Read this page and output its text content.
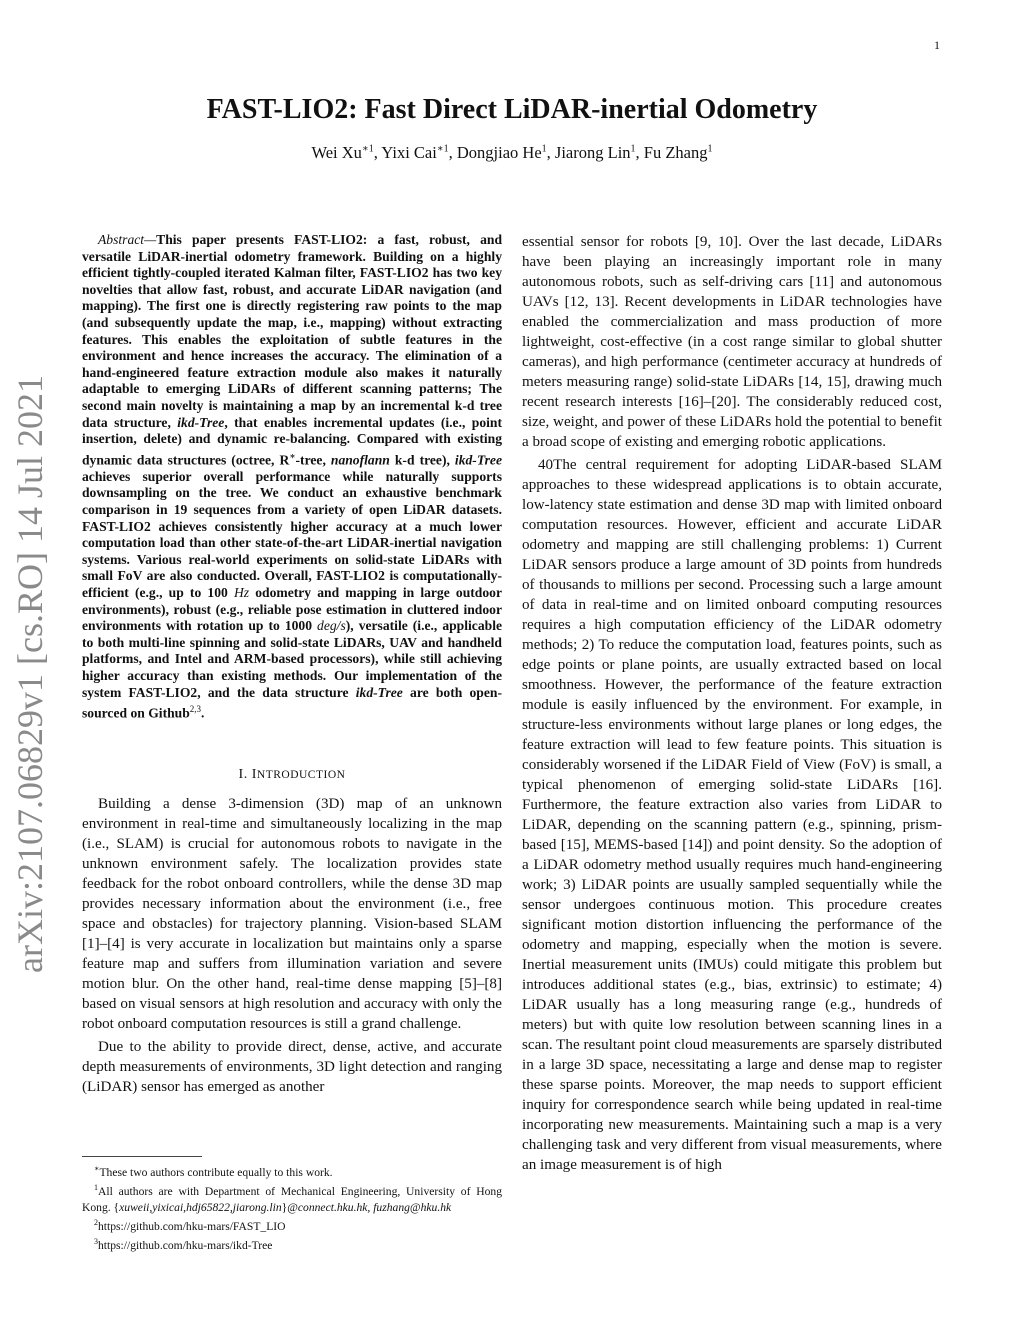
1
arXiv:2107.06829v1 [cs.RO] 14 Jul 2021
FAST-LIO2: Fast Direct LiDAR-inertial Odometry
Wei $Xu^{∗1}$, Yixi Cai$^{∗1}$, Dongjiao He$^1$, Jiarong Lin$^1$, Fu Zhang$^1$

Abstract—This paper presents FAST-LIO2: a fast, robust, and versatile LiDAR-inertial odometry framework. Building on a highly efficient tightly-coupled iterated Kalman filter, FAST-LIO2 has two key novelties that allow fast, robust, and accurate LiDAR navigation (and mapping). The first one is directly registering raw points to the map (and subsequently update the map, i.e., mapping) without extracting features. This enables the exploitation of subtle features in the environment and hence increases the accuracy. The elimination of a hand-engineered feature extraction module also makes it naturally adaptable to emerging LiDARs of different scanning patterns; The second main novelty is maintaining a map by an incremental k-d tree data structure, ikd-Tree, that enables incremental updates (i.e., point insertion, delete) and dynamic re-balancing. Compared with existing dynamic data structures (octree, R∗-tree, nanoflann k-d tree), ikd-Tree achieves superior overall performance while naturally supports downsampling on the tree. We conduct an exhaustive benchmark comparison in 19 sequences from a variety of open LiDAR datasets. FAST-LIO2 achieves consistently higher accuracy at a much lower computation load than other state-of-the-art LiDAR-inertial navigation systems. Various real-world experiments on solid-state LiDARs with small FoV are also conducted. Overall, FAST-LIO2 is computationally-efficient (e.g., up to 100 Hz odometry and mapping in large outdoor environments), robust (e.g., reliable pose estimation in cluttered indoor environments with rotation up to 1000 deg/s), versatile (i.e., applicable to both multi-line spinning and solid-state LiDARs, UAV and handheld platforms, and Intel and ARM-based processors), while still achieving higher accuracy than existing methods. Our implementation of the system FAST-LIO2, and the data structure ikd-Tree are both open-sourced on Github$^{2,3}$.

I. INTRODUCTION

Building a dense 3-dimension (3D) map of an unknown environment in real-time and simultaneously localizing in the map (i.e., SLAM) is crucial for autonomous robots to navigate in the unknown environment safely. The localization provides state feedback for the robot onboard controllers, while the dense 3D map provides necessary information about the environment (i.e., free space and obstacles) for trajectory planning. Vision-based SLAM [1]–[4] is very accurate in localization but maintains only a sparse feature map and suffers from illumination variation and severe motion blur. On the other hand, real-time dense mapping [5]–[8] based on visual sensors at high resolution and accuracy with only the robot onboard computation resources is still a grand challenge.

Due to the ability to provide direct, dense, active, and accurate depth measurements of environments, 3D light detection and ranging (LiDAR) sensor has emerged as another

∗These two authors contribute equally to this work.
$^1$All authors are with Department of Mechanical Engineering, University of Hong Kong. {xuweii,yixicai,hdj65822,jiarong.lin}@connect.hku.hk, fuzhang@hku.hk
$^2$https://github.com/hku-mars/FAST_LIO
$^3$https://github.com/hku-mars/ikd-Tree

essential sensor for robots [9, 10]. Over the last decade, LiDARs have been playing an increasingly important role in many autonomous robots, such as self-driving cars [11] and autonomous UAVs [12, 13]. Recent developments in LiDAR technologies have enabled the commercialization and mass production of more lightweight, cost-effective (in a cost range similar to global shutter cameras), and high performance (centimeter accuracy at hundreds of meters measuring range) solid-state LiDARs [14, 15], drawing much recent research interests [16]–[20]. The considerably reduced cost, size, weight, and power of these LiDARs hold the potential to benefit a broad scope of existing and emerging robotic applications.

40The central requirement for adopting LiDAR-based SLAM approaches to these widespread applications is to obtain accurate, low-latency state estimation and dense 3D map with limited onboard computation resources. However, efficient and accurate LiDAR odometry and mapping are still challenging problems: 1) Current LiDAR sensors produce a large amount of 3D points from hundreds of thousands to millions per second. Processing such a large amount of data in real-time and on limited onboard computing resources requires a high computation efficiency of the LiDAR odometry methods; 2) To reduce the computation load, features points, such as edge points or plane points, are usually extracted based on local smoothness. However, the performance of the feature extraction module is easily influenced by the environment. For example, in structure-less environments without large planes or long edges, the feature extraction will lead to few feature points. This situation is considerably worsened if the LiDAR Field of View (FoV) is small, a typical phenomenon of emerging solid-state LiDARs [16]. Furthermore, the feature extraction also varies from LiDAR to LiDAR, depending on the scanning pattern (e.g., spinning, prism-based [15], MEMS-based [14]) and point density. So the adoption of a LiDAR odometry method usually requires much hand-engineering work; 3) LiDAR points are usually sampled sequentially while the sensor undergoes continuous motion. This procedure creates significant motion distortion influencing the performance of the odometry and mapping, especially when the motion is severe. Inertial measurement units (IMUs) could mitigate this problem but introduces additional states (e.g., bias, extrinsic) to estimate; 4) LiDAR usually has a long measuring range (e.g., hundreds of meters) but with quite low resolution between scanning lines in a scan. The resultant point cloud measurements are sparsely distributed in a large 3D space, necessitating a large and dense map to register these sparse points. Moreover, the map needs to support efficient inquiry for correspondence search while being updated in real-time incorporating new measurements. Maintaining such a map is a very challenging task and very different from visual measurements, where an image measurement is of high
